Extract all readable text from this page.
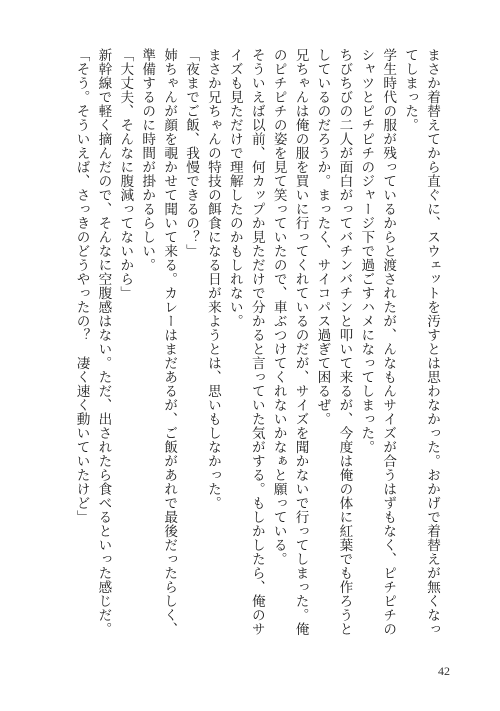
まさか着替えてから直ぐに、スウェットを汚すとは思わなかった。おかげで着替えが無くなってしまった。

学生時代の服が残っているからと渡されたが、んなもんサイズが合うはずもなく、ピチピチのシャツとピチピチのジャージ下で過ごすハメになってしまった。

ちびちびの二人が面白がってバチンバチンと叩いて来るが、今度は俺の体に紅葉でも作ろうとしているのだろうか。まったく、サイコパス過ぎて困るぜ。

兄ちゃんは俺の服を買いに行ってくれているのだが、サイズを聞かないで行ってしまった。俺のピチピチの姿を見て笑っていたので、車ぶつけてくれないかなぁと願っている。

そういえば以前、何カップか見ただけで分かると言っていた気がする。もしかしたら、俺のサイズも見ただけで理解したのかもしれない。

まさか兄ちゃんの特技の餌食になる日が来ようとは、思いもしなかった。

「夜までご飯、我慢できるの？」

姉ちゃんが顔を覗かせて聞いて来る。カレーはまだあるが、ご飯があれで最後だったらしく、準備するのに時間が掛かるらしい。

「大丈夫、そんなに腹減ってないから」

新幹線で軽く摘んだので、そんなに空腹感はない。ただ、出されたら食べるといった感じだ。

「そう。そういえば、さっきのどうやったの？　凄く速く動いていたけど」

42
